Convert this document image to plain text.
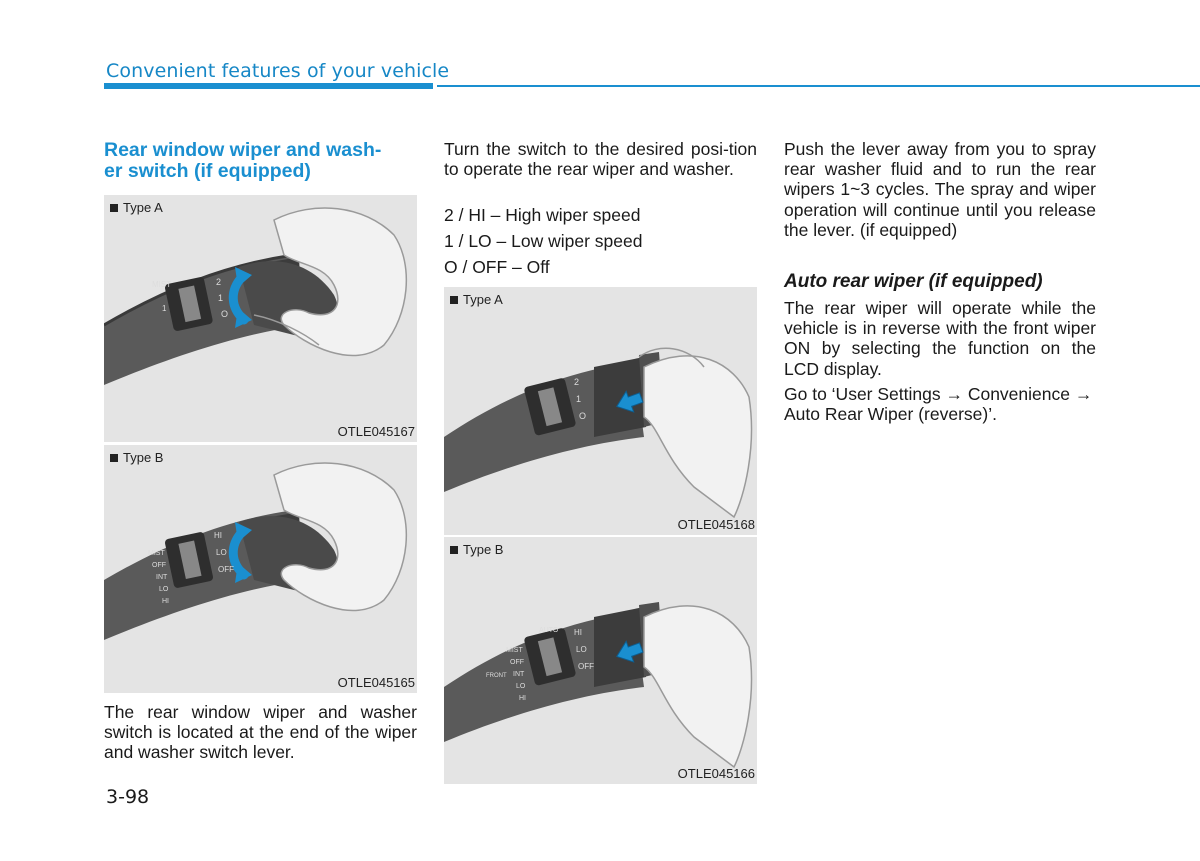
Convenient features of your vehicle
Rear window wiper and wash-
er switch (if equipped)
MIST
1
2
1
O
Type A
OTLE045167
MIST
OFF
INT
LO
HI
HI
LO
OFF
Type B
OTLE045165
The rear window wiper and washer switch is located at the end of the wiper and washer switch lever.
Turn the switch to the desired posi-tion to operate the rear wiper and washer.
2 / HI – High wiper speed
1 / LO – Low wiper speed
O / OFF – Off
2
1
O
Type A
OTLE045168
AUTO
MIST
OFF
INT
LO
HI
FRONT
HI
LO
OFF
Type B
OTLE045166
Push the lever away from you to spray rear washer fluid and to run the rear wipers 1~3 cycles. The spray and wiper operation will continue until you release the lever. (if equipped)
Auto rear wiper (if equipped)
The rear wiper will operate while the vehicle is in reverse with the front wiper ON by selecting the function on the LCD display.
Go to ‘User Settings → Convenience → Auto Rear Wiper (reverse)’.
3-98
